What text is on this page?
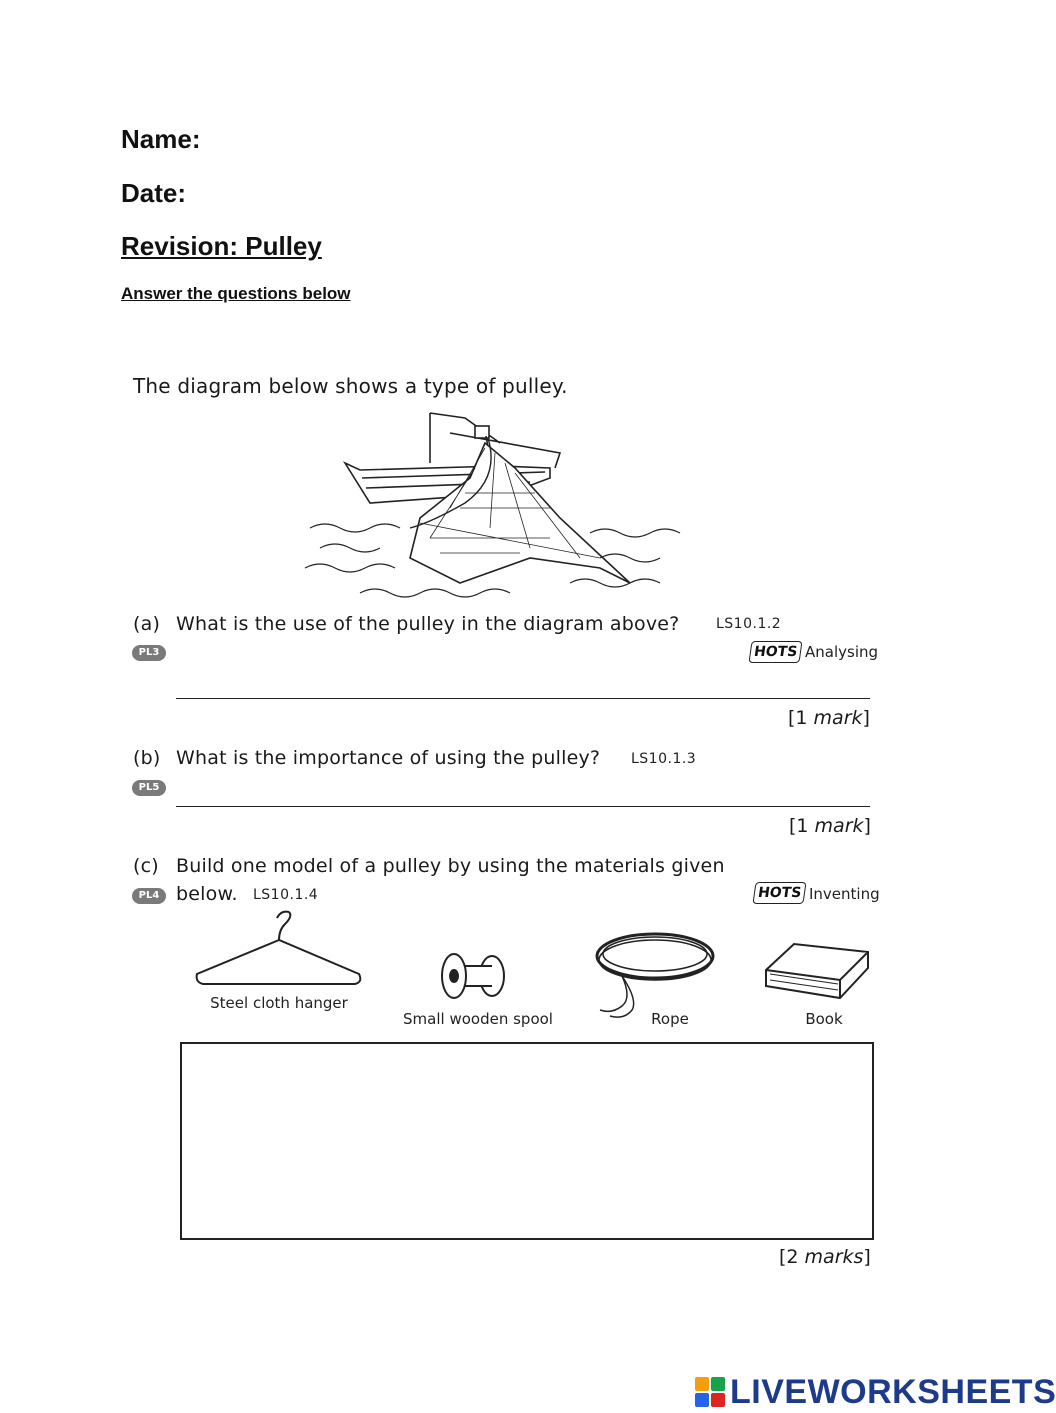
Name:
Date:
Revision: Pulley
Answer the questions below
The diagram below shows a type of pulley.
(a) What is the use of the pulley in the diagram above?	LS10.1.2
PL3	HOTS Analysing
[1 mark]
(b) What is the importance of using the pulley? LS10.1.3
PL5
[1 mark]
(c) Build one model of a pulley by using the materials given
below. LS10.1.4
PL4	HOTS Inventing
Steel cloth hanger
Small wooden spool	Rope	Book
[2 marks]
LIVEWORKSHEETS
